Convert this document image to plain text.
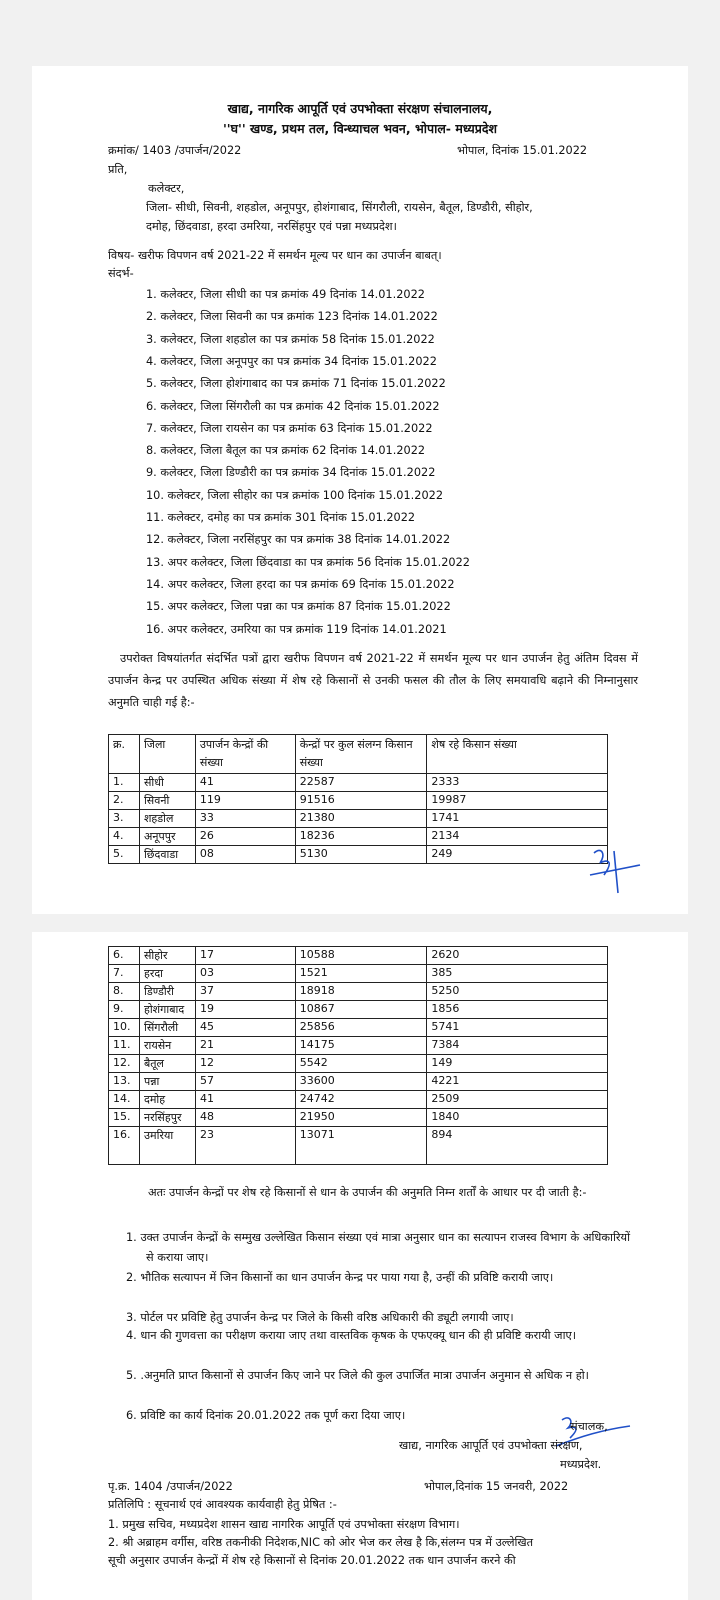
खाद्य, नागरिक आपूर्ति एवं उपभोक्ता संरक्षण संचालनालय,
''घ'' खण्ड, प्रथम तल, विन्ध्याचल भवन, भोपाल- मध्यप्रदेश
क्रमांक/ 1403 /उपार्जन/2022	भोपाल, दिनांक 15.01.2022
प्रति,
कलेक्टर,
जिला- सीधी, सिवनी, शहडोल, अनूपपुर, होशंगाबाद, सिंगरौली, रायसेन, बैतूल, डिण्डौरी, सीहोर,
दमोह, छिंदवाडा, हरदा उमरिया, नरसिंहपुर एवं पन्ना मध्यप्रदेश।
विषय- खरीफ विपणन वर्ष 2021-22 में समर्थन मूल्य पर धान का उपार्जन बाबत्।
संदर्भ-
1. कलेक्टर, जिला सीधी का पत्र क्रमांक 49 दिनांक 14.01.2022
2. कलेक्टर, जिला सिवनी का पत्र क्रमांक 123 दिनांक 14.01.2022
3. कलेक्टर, जिला शहडोल का पत्र क्रमांक 58 दिनांक 15.01.2022
4. कलेक्टर, जिला अनूपपुर का पत्र क्रमांक 34 दिनांक 15.01.2022
5. कलेक्टर, जिला होशंगाबाद का पत्र क्रमांक 71 दिनांक 15.01.2022
6. कलेक्टर, जिला सिंगरौली का पत्र क्रमांक 42 दिनांक 15.01.2022
7. कलेक्टर, जिला रायसेन का पत्र क्रमांक 63 दिनांक 15.01.2022
8. कलेक्टर, जिला बैतूल का पत्र क्रमांक 62 दिनांक 14.01.2022
9. कलेक्टर, जिला डिण्डौरी का पत्र क्रमांक 34 दिनांक 15.01.2022
10. कलेक्टर, जिला सीहोर का पत्र क्रमांक 100 दिनांक 15.01.2022
11. कलेक्टर, दमोह का पत्र क्रमांक 301 दिनांक 15.01.2022
12. कलेक्टर, जिला नरसिंहपुर का पत्र क्रमांक 38 दिनांक 14.01.2022
13. अपर कलेक्टर, जिला छिंदवाडा का पत्र क्रमांक 56 दिनांक 15.01.2022
14. अपर कलेक्टर, जिला हरदा का पत्र क्रमांक 69 दिनांक 15.01.2022
15. अपर कलेक्टर, जिला पन्ना का पत्र क्रमांक 87 दिनांक 15.01.2022
16. अपर कलेक्टर, उमरिया का पत्र क्रमांक 119 दिनांक 14.01.2021
उपरोक्त विषयांतर्गत संदर्भित पत्रों द्वारा खरीफ विपणन वर्ष 2021-22 में समर्थन मूल्य पर धान उपार्जन हेतु अंतिम दिवस में उपार्जन केन्द्र पर उपस्थित अधिक संख्या में शेष रहे किसानों से उनकी फसल की तौल के लिए समयावधि बढ़ाने की निम्नानुसार अनुमति चाही गई है:-
क्र.	जिला	उपार्जन केन्द्रों की संख्या	केन्द्रों पर कुल संलग्न किसान संख्या	शेष रहे किसान संख्या
1.	सीधी	41	22587	2333
2.	सिवनी	119	91516	19987
3.	शहडोल	33	21380	1741
4.	अनूपपुर	26	18236	2134
5.	छिंदवाडा	08	5130	249
6.	सीहोर	17	10588	2620
7.	हरदा	03	1521	385
8.	डिण्डौरी	37	18918	5250
9.	होशंगाबाद	19	10867	1856
10.	सिंगरौली	45	25856	5741
11.	रायसेन	21	14175	7384
12.	बैतूल	12	5542	149
13.	पन्ना	57	33600	4221
14.	दमोह	41	24742	2509
15.	नरसिंहपुर	48	21950	1840
16.	उमरिया	23	13071	894
अतः उपार्जन केन्द्रों पर शेष रहे किसानों से धान के उपार्जन की अनुमति निम्न शर्तों के आधार पर दी जाती है:-
1. उक्त उपार्जन केन्द्रों के सम्मुख उल्लेखित किसान संख्या एवं मात्रा अनुसार धान का सत्यापन राजस्व विभाग के अधिकारियों से कराया जाए।
2. भौतिक सत्यापन में जिन किसानों का धान उपार्जन केन्द्र पर पाया गया है, उन्हीं की प्रविष्टि करायी जाए।
3. पोर्टल पर प्रविष्टि हेतु उपार्जन केन्द्र पर जिले के किसी वरिष्ठ अधिकारी की ड्यूटी लगायी जाए।
4. धान की गुणवत्ता का परीक्षण कराया जाए तथा वास्तविक कृषक के एफएक्यू धान की ही प्रविष्टि करायी जाए।
5. .अनुमति प्राप्त किसानों से उपार्जन किए जाने पर जिले की कुल उपार्जित मात्रा उपार्जन अनुमान से अधिक न हो।
6. प्रविष्टि का कार्य दिनांक 20.01.2022 तक पूर्ण करा दिया जाए।
संचालक,
खाद्य, नागरिक आपूर्ति एवं उपभोक्ता संरक्षण,
मध्यप्रदेश.
पृ.क्र. 1404 /उपार्जन/2022	भोपाल,दिनांक 15 जनवरी, 2022
प्रतिलिपि : सूचनार्थ एवं आवश्यक कार्यवाही हेतु प्रेषित :-
1. प्रमुख सचिव, मध्यप्रदेश शासन खाद्य नागरिक आपूर्ति एवं उपभोक्ता संरक्षण विभाग।
2. श्री अब्राहम वर्गीस, वरिष्ठ तकनीकी निदेशक,NIC को ओर भेज कर लेख है कि,संलग्न पत्र में उल्लेखित
सूची अनुसार उपार्जन केन्द्रों में शेष रहे किसानों से दिनांक 20.01.2022 तक धान उपार्जन करने की
